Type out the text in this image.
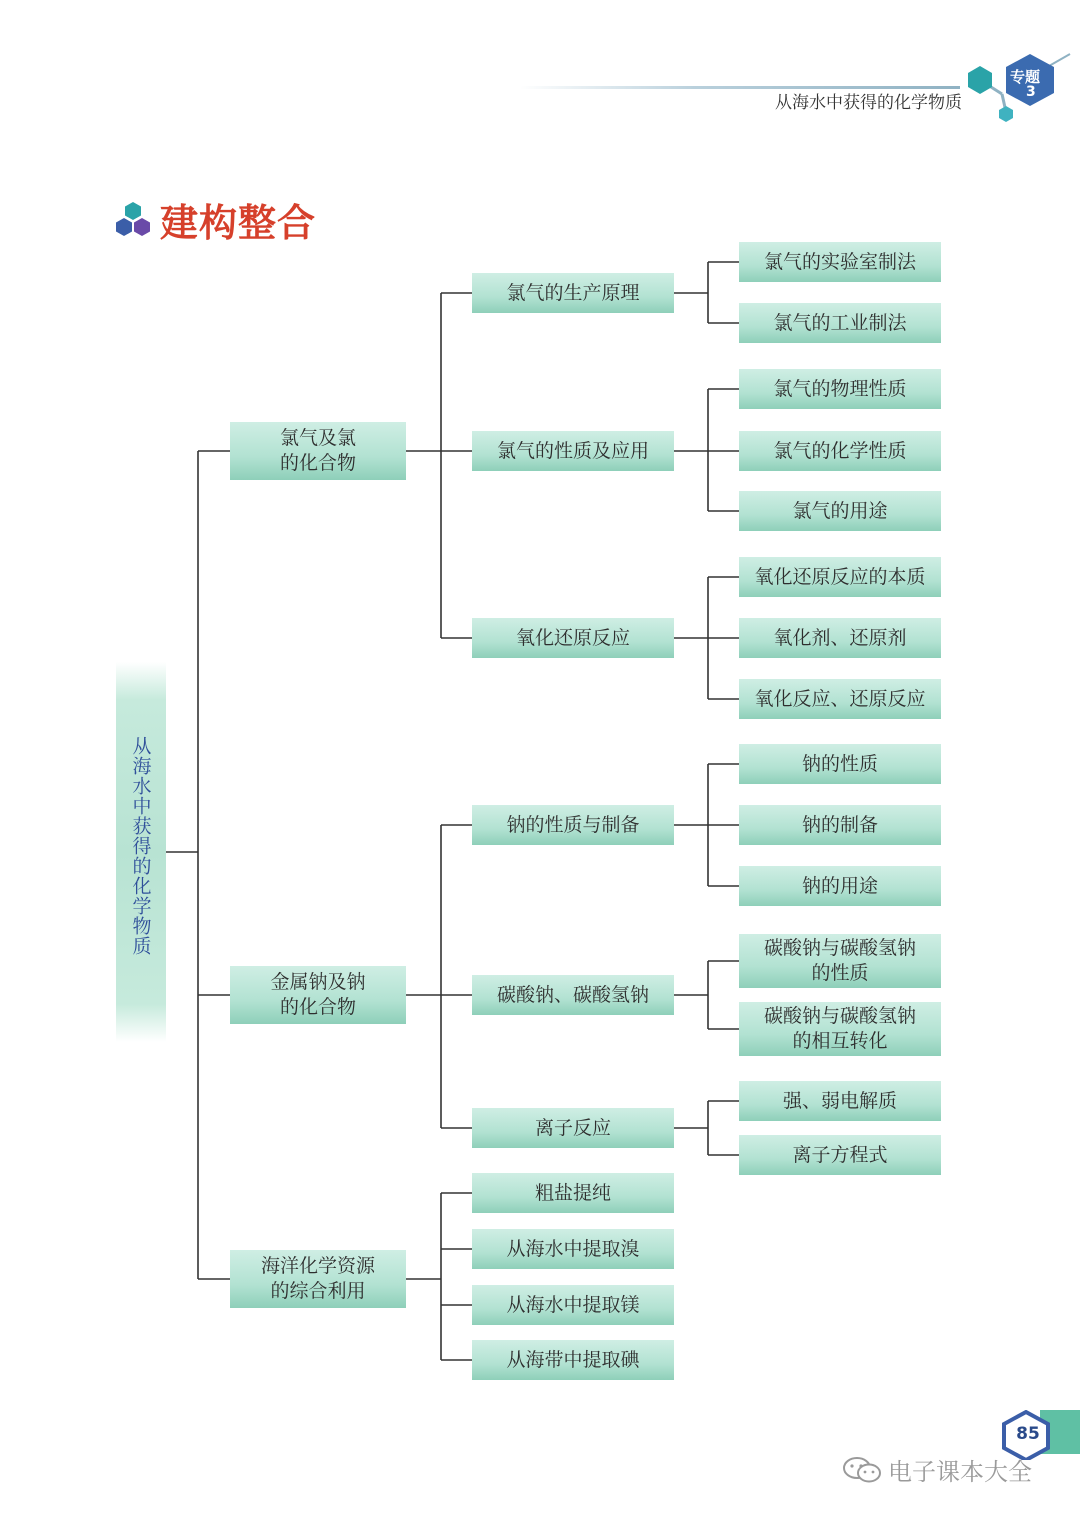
从海水中获得的化学物质
专题
3
建构整合
从海水中获得的化学物质
氯气及氯
的化合物
金属钠及钠
的化合物
海洋化学资源
的综合利用
氯气的生产原理
氯气的性质及应用
氧化还原反应
钠的性质与制备
碳酸钠、碳酸氢钠
离子反应
粗盐提纯
从海水中提取溴
从海水中提取镁
从海带中提取碘
氯气的实验室制法
氯气的工业制法
氯气的物理性质
氯气的化学性质
氯气的用途
氧化还原反应的本质
氧化剂、还原剂
氧化反应、还原反应
钠的性质
钠的制备
钠的用途
碳酸钠与碳酸氢钠
的性质
碳酸钠与碳酸氢钠
的相互转化
强、弱电解质
离子方程式
85
电子课本大全
